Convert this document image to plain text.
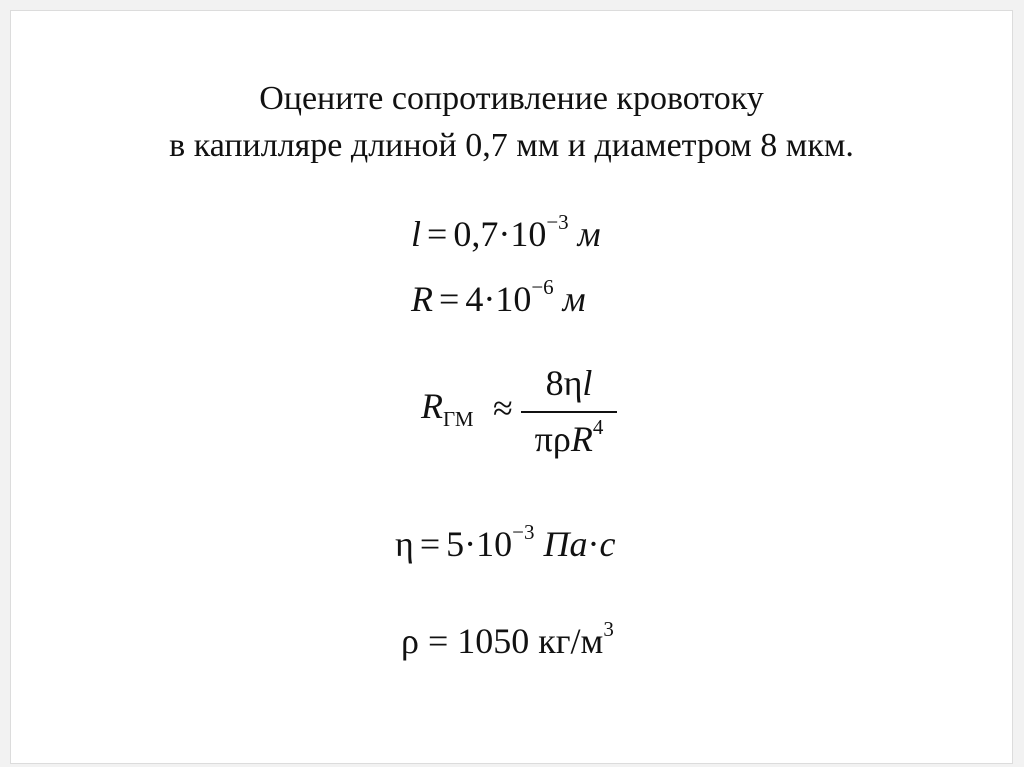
Оцените сопротивление кровотоку
в капилляре длиной 0,7 мм и диаметром 8 мкм.
$l = 0,7\cdot 10^{-3}$ м
$R = 4\cdot 10^{-6}$ м
$R_{ГМ}$ ≈
8ηl
πρR$^4$
$\eta = 5\cdot 10^{-3}$ Па·с
ρ = 1050 $кг/м^3$
